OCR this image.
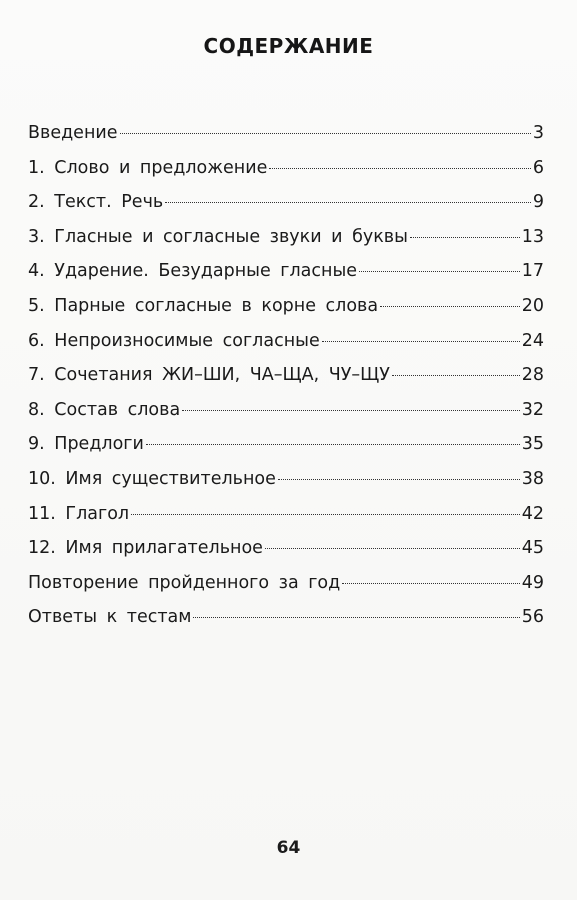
СОДЕРЖАНИЕ
Введение	3
1. Слово и предложение	6
2. Текст. Речь	9
3. Гласные и согласные звуки и буквы	13
4. Ударение. Безударные гласные	17
5. Парные согласные в корне слова	20
6. Непроизносимые согласные	24
7. Сочетания ЖИ–ШИ, ЧА–ЩА, ЧУ–ЩУ	28
8. Состав слова	32
9. Предлоги	35
10. Имя существительное	38
11. Глагол	42
12. Имя прилагательное	45
Повторение пройденного за год	49
Ответы к тестам	56
64
